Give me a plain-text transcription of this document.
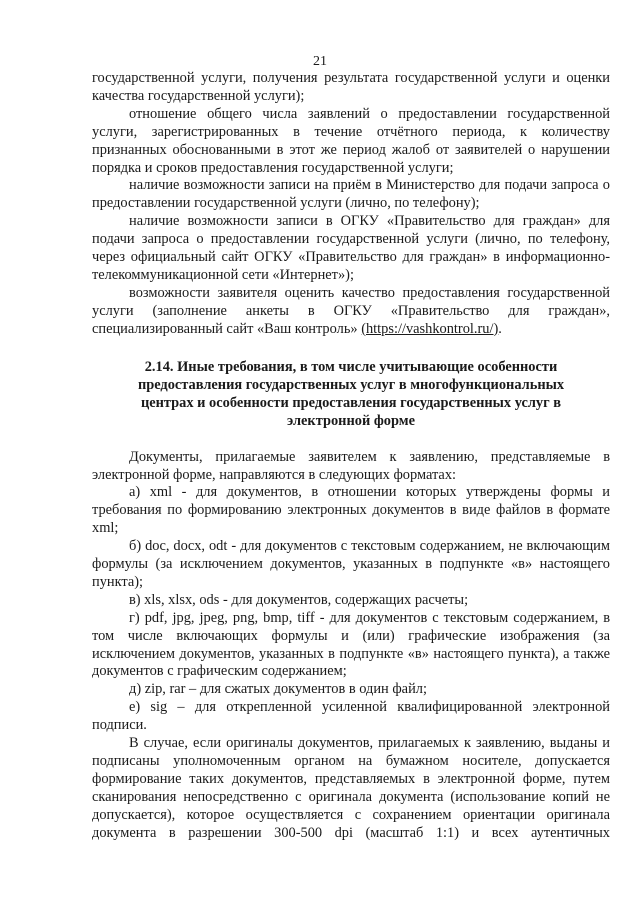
21

государственной услуги, получения результата государственной услуги и оценки качества государственной услуги);

отношение общего числа заявлений о предоставлении государственной услуги, зарегистрированных в течение отчётного периода, к количеству признанных обоснованными в этот же период жалоб от заявителей о нарушении порядка и сроков предоставления государственной услуги;

наличие возможности записи на приём в Министерство для подачи запроса о предоставлении государственной услуги (лично, по телефону);

наличие возможности записи в ОГКУ «Правительство для граждан» для подачи запроса о предоставлении государственной услуги (лично, по телефону, через официальный сайт ОГКУ «Правительство для граждан» в информационно-телекоммуникационной сети «Интернет»);

возможности заявителя оценить качество предоставления государственной услуги (заполнение анкеты в ОГКУ «Правительство для граждан», специализированный сайт «Ваш контроль» (https://vashkontrol.ru/).

2.14. Иные требования, в том числе учитывающие особенности предоставления государственных услуг в многофункциональных центрах и особенности предоставления государственных услуг в электронной форме

Документы, прилагаемые заявителем к заявлению, представляемые в электронной форме, направляются в следующих форматах:

а) xml - для документов, в отношении которых утверждены формы и требования по формированию электронных документов в виде файлов в формате xml;

б) doc, docx, odt - для документов с текстовым содержанием, не включающим формулы (за исключением документов, указанных в подпункте «в» настоящего пункта);

в) xls, xlsx, ods - для документов, содержащих расчеты;

г) pdf, jpg, jpeg, png, bmp, tiff - для документов с текстовым содержанием, в том числе включающих формулы и (или) графические изображения (за исключением документов, указанных в подпункте «в» настоящего пункта), а также документов с графическим содержанием;

д) zip, rar – для сжатых документов в один файл;

е) sig – для открепленной усиленной квалифицированной электронной подписи.

В случае, если оригиналы документов, прилагаемых к заявлению, выданы и подписаны уполномоченным органом на бумажном носителе, допускается формирование таких документов, представляемых в электронной форме, путем сканирования непосредственно с оригинала документа (использование копий не допускается), которое осуществляется с сохранением ориентации оригинала документа в разрешении 300-500 dpi (масштаб 1:1) и всех аутентичных
